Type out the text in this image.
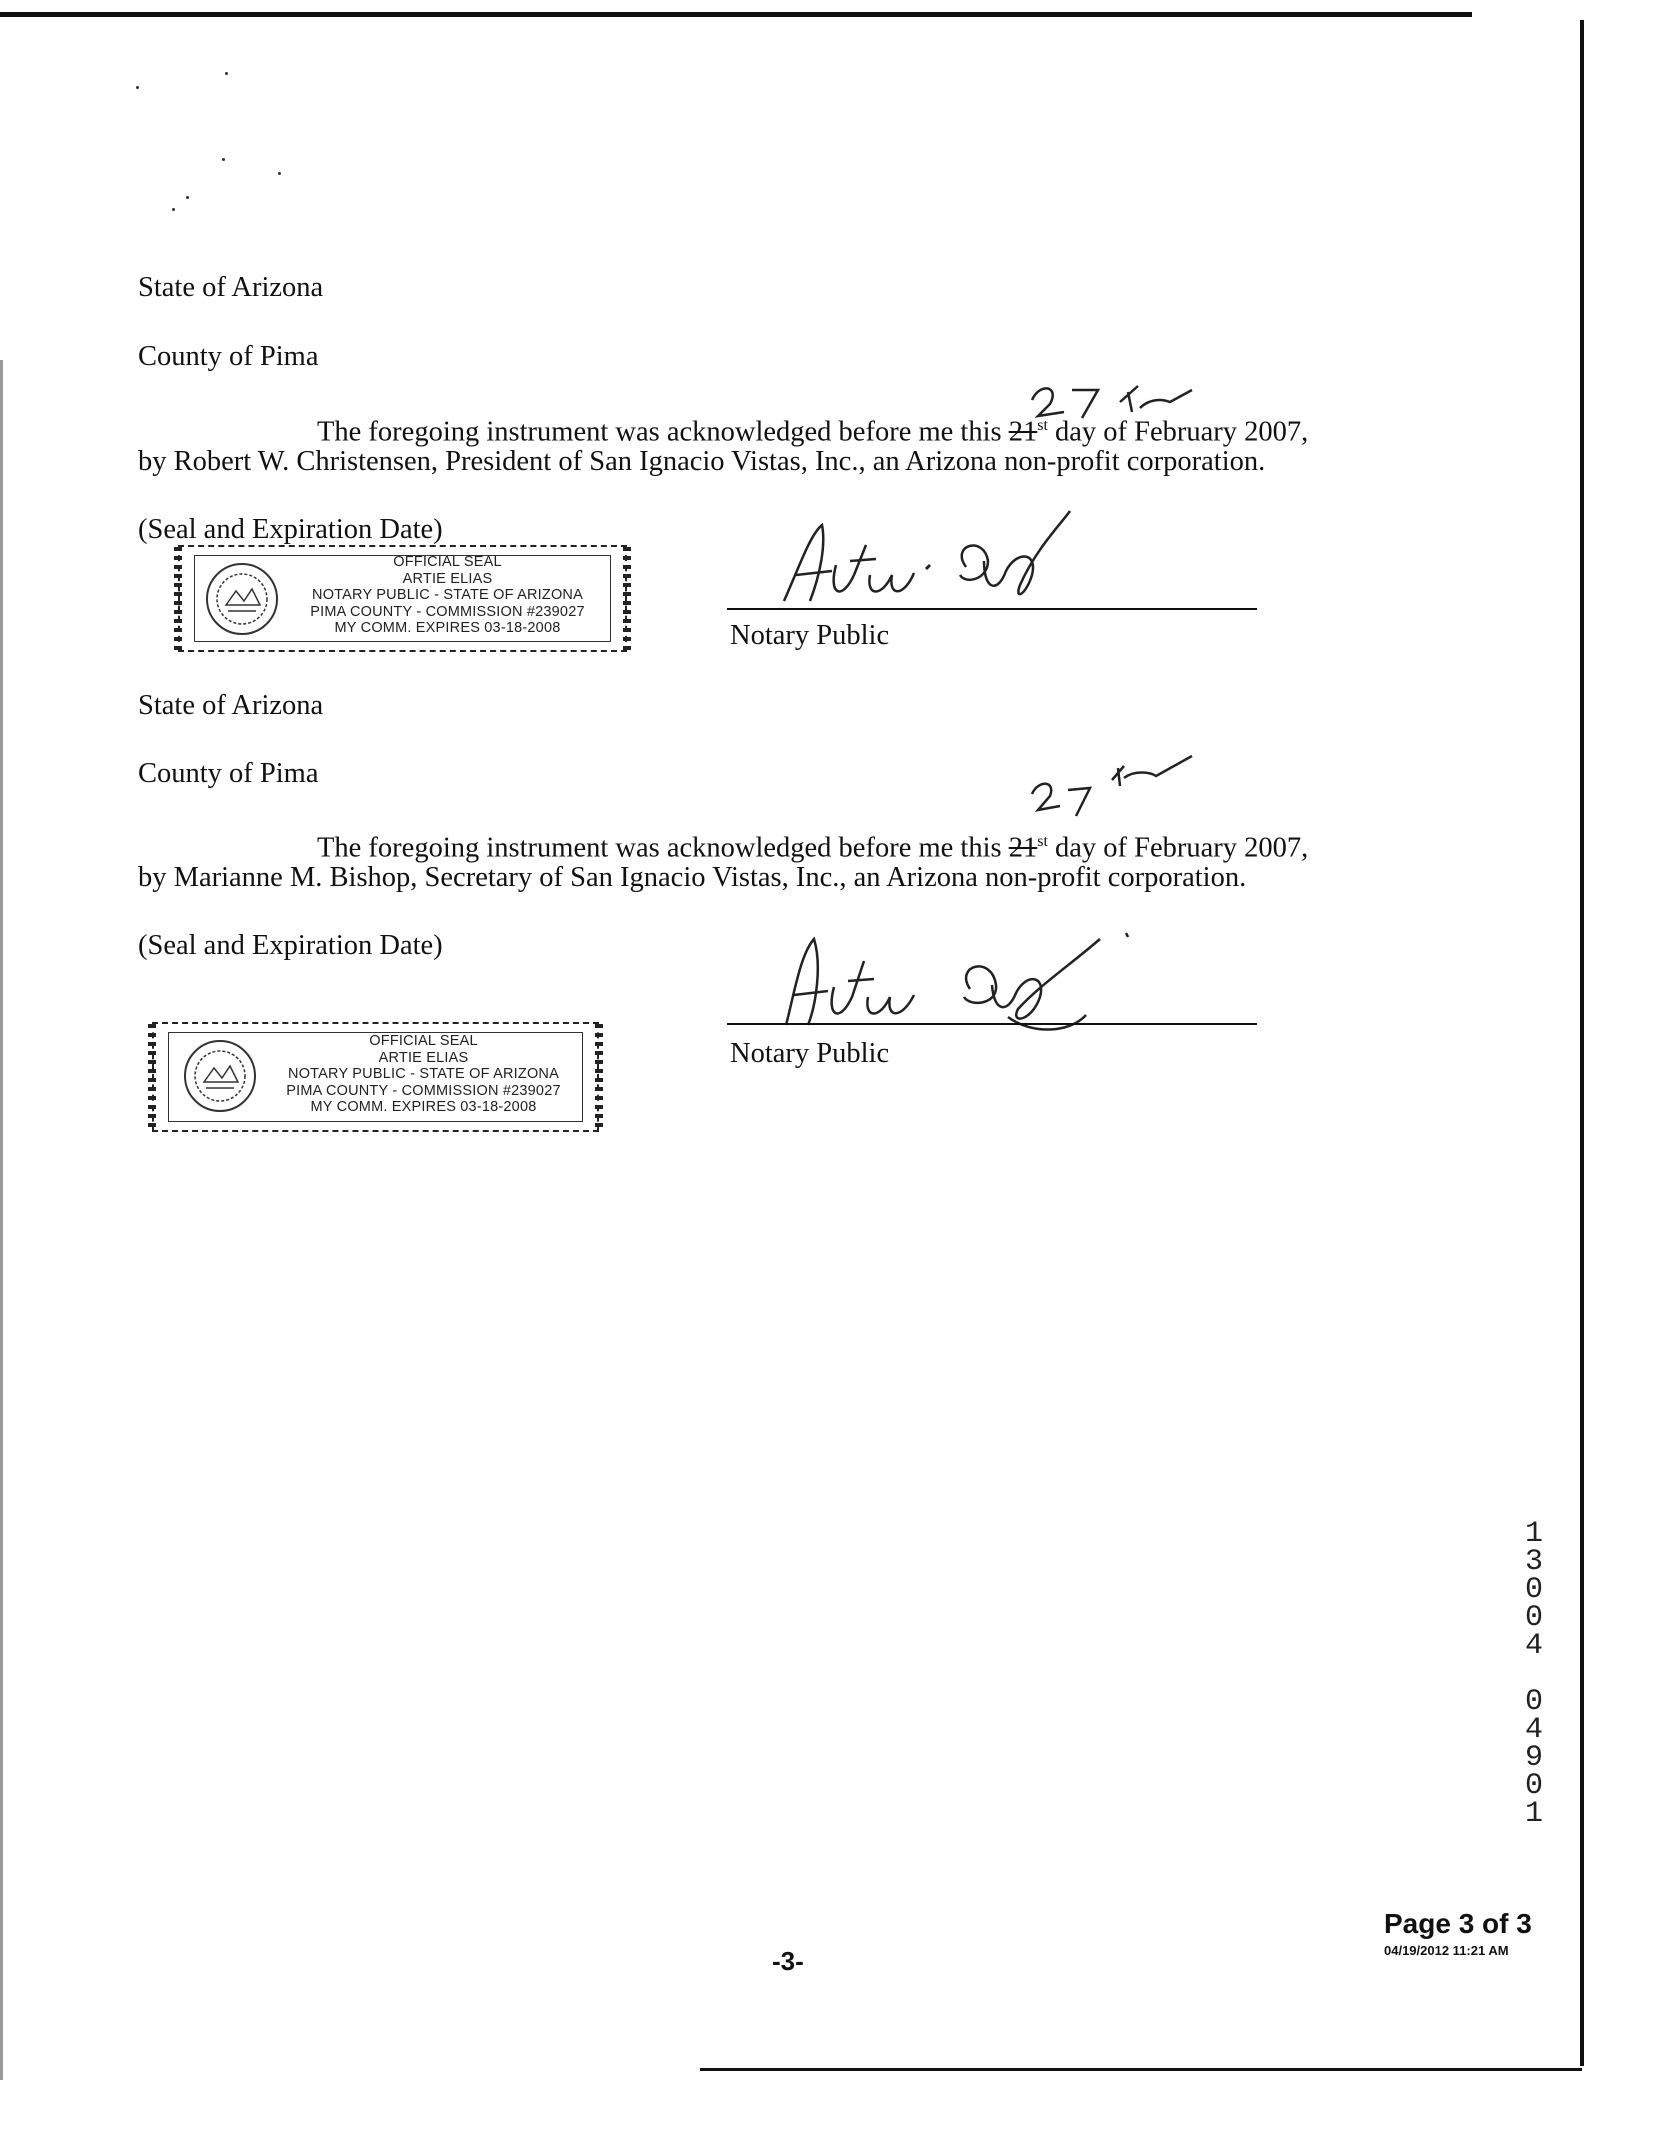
State of Arizona
County of Pima
The foregoing instrument was acknowledged before me this 21st day of February 2007,
by Robert W. Christensen, President of San Ignacio Vistas, Inc., an Arizona non-profit corporation.
(Seal and Expiration Date)
OFFICIAL SEAL
ARTIE ELIAS
NOTARY PUBLIC - STATE OF ARIZONA
PIMA COUNTY - COMMISSION #239027
MY COMM. EXPIRES 03-18-2008	Notary Public
State of Arizona
County of Pima
The foregoing instrument was acknowledged before me this 21st day of February 2007,
by Marianne M. Bishop, Secretary of San Ignacio Vistas, Inc., an Arizona non-profit corporation.
(Seal and Expiration Date)
OFFICIAL SEAL
ARTIE ELIAS
NOTARY PUBLIC - STATE OF ARIZONA
PIMA COUNTY - COMMISSION #239027
MY COMM. EXPIRES 03-18-2008
Notary Public
1
3
0
0
4

0
4
9
0
1
Page 3 of 3
04/19/2012 11:21 AM
-3-
